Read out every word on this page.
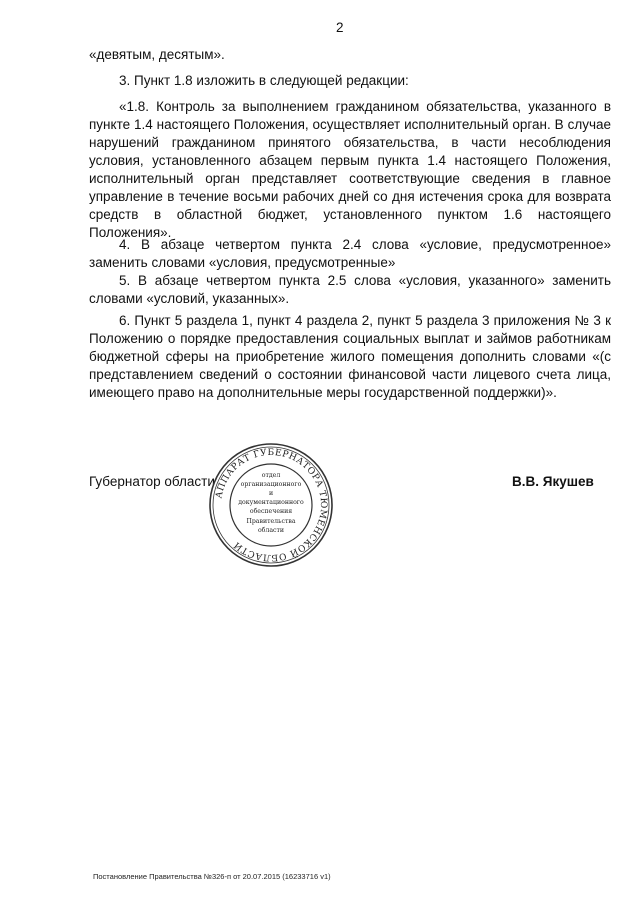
2

«девятым, десятым».

3. Пункт 1.8 изложить в следующей редакции:

«1.8. Контроль за выполнением гражданином обязательства, указанного в пункте 1.4 настоящего Положения, осуществляет исполнительный орган. В случае нарушений гражданином принятого обязательства, в части несоблюдения условия, установленного абзацем первым пункта 1.4 настоящего Положения, исполнительный орган представляет соответствующие сведения в главное управление в течение восьми рабочих дней со дня истечения срока для возврата средств в областной бюджет, установленного пунктом 1.6 настоящего Положения».

4. В абзаце четвертом пункта 2.4 слова «условие, предусмотренное» заменить словами «условия, предусмотренные»

5. В абзаце четвертом пункта 2.5 слова «условия, указанного» заменить словами «условий, указанных».

6. Пункт 5 раздела 1, пункт 4 раздела 2, пункт 5 раздела 3 приложения № 3 к Положению о порядке предоставления социальных выплат и займов работникам бюджетной сферы на приобретение жилого помещения дополнить словами «(с представлением сведений о состоянии финансовой части лицевого счета лица, имеющего право на дополнительные меры государственной поддержки)».

Губернатор области	В.В. Якушев
АППАРАТ ГУБЕРНАТОРА ТЮМЕНСКОЙ ОБЛАСТИ
отдел
организационного
и
документационного
обеспечения
Правительства
области
Постановление Правительства №326-п от 20.07.2015 (16233716 v1)
